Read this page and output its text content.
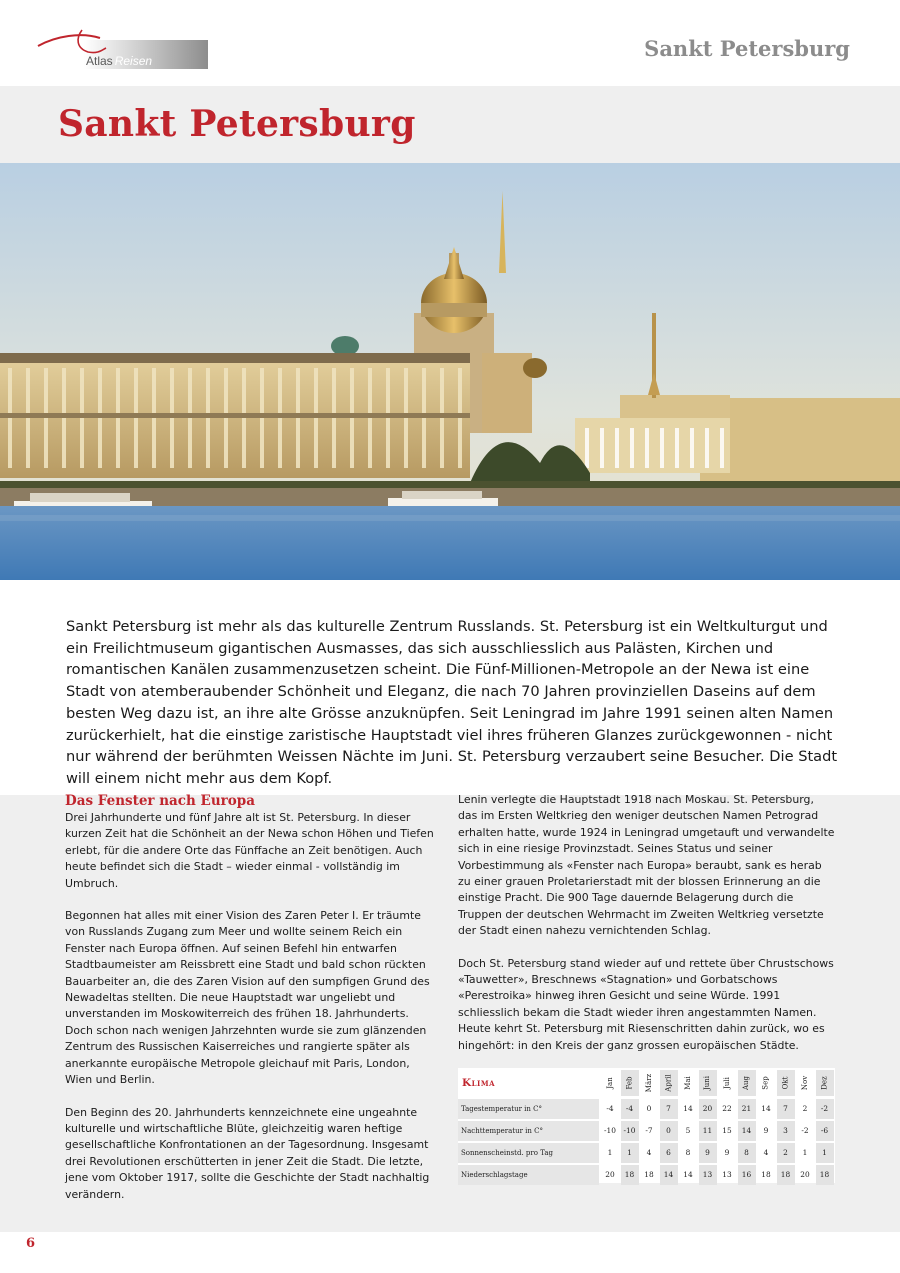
Atlas Reisen	Sankt Petersburg
Sankt Petersburg

Sankt Petersburg ist mehr als das kulturelle Zentrum Russlands. St. Petersburg ist ein Weltkulturgut und ein Freilichtmuseum gigantischen Ausmasses, das sich ausschliesslich aus Palästen, Kirchen und romantischen Kanälen zusammenzusetzen scheint. Die Fünf-Millionen-Metropole an der Newa ist eine Stadt von atemberaubender Schönheit und Eleganz, die nach 70 Jahren provinziellen Daseins auf dem besten Weg dazu ist, an ihre alte Grösse anzuknüpfen. Seit Leningrad im Jahre 1991 seinen alten Namen zurückerhielt, hat die einstige zaristische Hauptstadt viel ihres früheren Glanzes zurückgewonnen - nicht nur während der berühmten Weissen Nächte im Juni. St. Petersburg verzaubert seine Besucher. Die Stadt will einem nicht mehr aus dem Kopf.

Das Fenster nach Europa

Drei Jahrhunderte und fünf Jahre alt ist St. Petersburg. In dieser kurzen Zeit hat die Schönheit an der Newa schon Höhen und Tiefen erlebt, für die andere Orte das Fünffache an Zeit benötigen. Auch heute befindet sich die Stadt – wieder einmal - vollständig im Umbruch.

Begonnen hat alles mit einer Vision des Zaren Peter I. Er träumte von Russlands Zugang zum Meer und wollte seinem Reich ein Fenster nach Europa öffnen. Auf seinen Befehl hin entwarfen Stadtbaumeister am Reissbrett eine Stadt und bald schon rückten Bauarbeiter an, die des Zaren Vision auf den sumpfigen Grund des Newadeltas stellten. Die neue Hauptstadt war ungeliebt und unverstanden im Moskowiterreich des frühen 18. Jahrhunderts. Doch schon nach wenigen Jahrzehnten wurde sie zum glänzenden Zentrum des Russischen Kaiserreiches und rangierte später als anerkannte europäische Metropole gleichauf mit Paris, London, Wien und Berlin.

Den Beginn des 20. Jahrhunderts kennzeichnete eine ungeahnte kulturelle und wirtschaftliche Blüte, gleichzeitig waren heftige gesellschaftliche Konfrontationen an der Tagesordnung. Insgesamt drei Revolutionen erschütterten in jener Zeit die Stadt. Die letzte, jene vom Oktober 1917, sollte die Geschichte der Stadt nachhaltig verändern.

Lenin verlegte die Hauptstadt 1918 nach Moskau. St. Petersburg, das im Ersten Weltkrieg den weniger deutschen Namen Petrograd erhalten hatte, wurde 1924 in Leningrad umgetauft und verwandelte sich in eine riesige Provinzstadt. Seines Status und seiner Vorbestimmung als «Fenster nach Europa» beraubt, sank es herab zu einer grauen Proletarierstadt mit der blossen Erinnerung an die einstige Pracht. Die 900 Tage dauernde Belagerung durch die Truppen der deutschen Wehrmacht im Zweiten Weltkrieg versetzte der Stadt einen nahezu vernichtenden Schlag.

Doch St. Petersburg stand wieder auf und rettete über Chrustschows «Tauwetter», Breschnews «Stagnation» und Gorbatschows «Perestroika» hinweg ihren Gesicht und seine Würde. 1991 schliesslich bekam die Stadt wieder ihren angestammten Namen. Heute kehrt St. Petersburg mit Riesenschritten dahin zurück, wo es hingehört: in den Kreis der ganz grossen europäischen Städte.

Klima	Jan Feb März April Mai Juni Juli Aug Sep Okt Nov Dez
Tagestemperatur in C°	-4	-4	0	7	14	20	22	21	14	7	2	-2
Nachttemperatur in C°	-10	-10	-7	0	5	11	15	14	9	3	-2	-6
Sonnenscheinstd. pro Tag	1	1	4	6	8	9	9	8	4	2	1	1
Niederschlagstage	20	18	18	14	14	13	13	16	18	18	20	18
6
